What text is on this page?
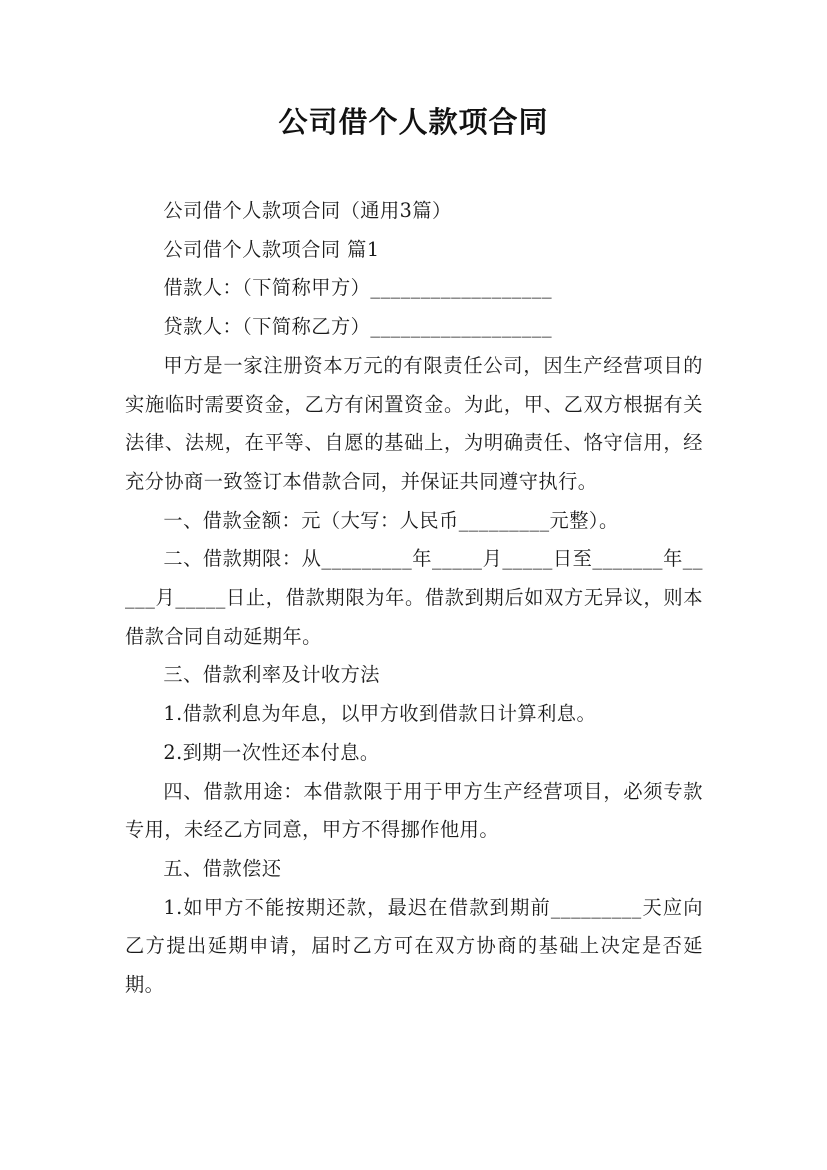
公司借个人款项合同

公司借个人款项合同（通用3篇）

公司借个人款项合同 篇1

借款人：（下简称甲方）__________________

贷款人：（下简称乙方）__________________

甲方是一家注册资本万元的有限责任公司，因生产经营项目的实施临时需要资金，乙方有闲置资金。为此，甲、乙双方根据有关法律、法规，在平等、自愿的基础上，为明确责任、恪守信用，经充分协商一致签订本借款合同，并保证共同遵守执行。

一、借款金额：元（大写：人民币_________元整）。

二、借款期限：从_________年_____月_____日至_______年_____月_____日止，借款期限为年。借款到期后如双方无异议，则本借款合同自动延期年。

三、借款利率及计收方法

1.借款利息为年息，以甲方收到借款日计算利息。

2.到期一次性还本付息。

四、借款用途：本借款限于用于甲方生产经营项目，必须专款专用，未经乙方同意，甲方不得挪作他用。

五、借款偿还

1.如甲方不能按期还款，最迟在借款到期前_________天应向乙方提出延期申请，届时乙方可在双方协商的基础上决定是否延期。
